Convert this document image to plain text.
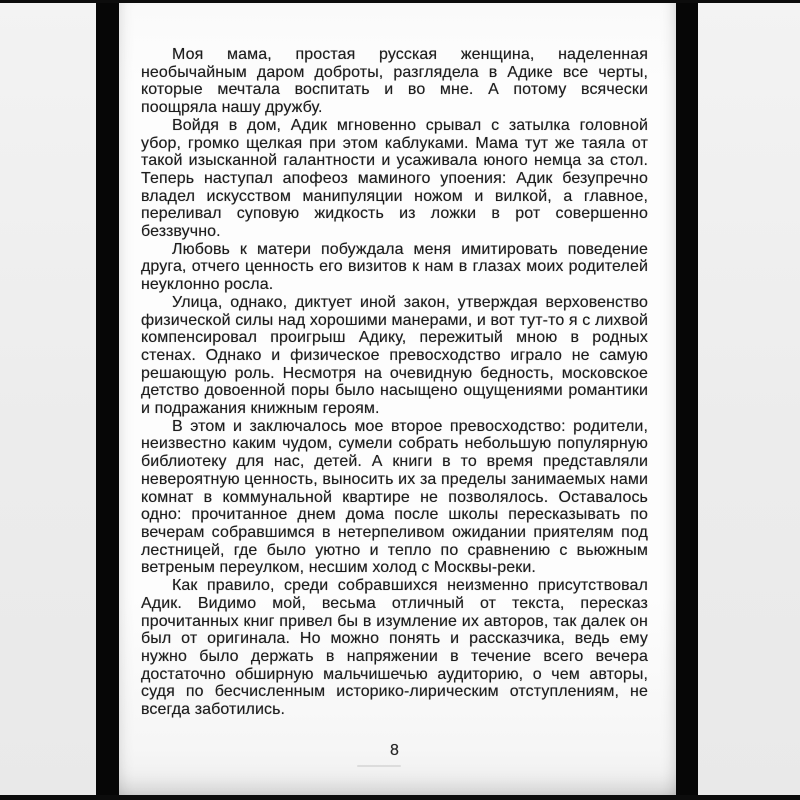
Моя мама, простая русская женщина, наделенная необычайным даром доброты, разглядела в Адике все черты, которые мечтала воспитать и во мне. А потому всячески поощряла нашу дружбу.

Войдя в дом, Адик мгновенно срывал с затылка головной убор, громко щелкая при этом каблуками. Мама тут же таяла от такой изысканной галантности и усаживала юного немца за стол. Теперь наступал апофеоз маминого упоения: Адик безупречно владел искусством манипуляции ножом и вилкой, а главное, переливал суповую жидкость из ложки в рот совершенно беззвучно.

Любовь к матери побуждала меня имитировать поведение друга, отчего ценность его визитов к нам в глазах моих родителей неуклонно росла.

Улица, однако, диктует иной закон, утверждая верховенство физической силы над хорошими манерами, и вот тут-то я с лихвой компенсировал проигрыш Адику, пережитый мною в родных стенах. Однако и физическое превосходство играло не самую решающую роль. Несмотря на очевидную бедность, московское детство довоенной поры было насыщено ощущениями романтики и подражания книжным героям.

В этом и заключалось мое второе превосходство: родители, неизвестно каким чудом, сумели собрать небольшую популярную библиотеку для нас, детей. А книги в то время представляли невероятную ценность, выносить их за пределы занимаемых нами комнат в коммунальной квартире не позволялось. Оставалось одно: прочитанное днем дома после школы пересказывать по вечерам собравшимся в нетерпеливом ожидании приятелям под лестницей, где было уютно и тепло по сравнению с вьюжным ветреным переулком, несшим холод с Москвы-реки.

Как правило, среди собравшихся неизменно присутствовал Адик. Видимо мой, весьма отличный от текста, пересказ прочитанных книг привел бы в изумление их авторов, так далек он был от оригинала. Но можно понять и рассказчика, ведь ему нужно было держать в напряжении в течение всего вечера достаточно обширную мальчишечью аудиторию, о чем авторы, судя по бесчисленным историко-лирическим отступлениям, не всегда заботились.

8
